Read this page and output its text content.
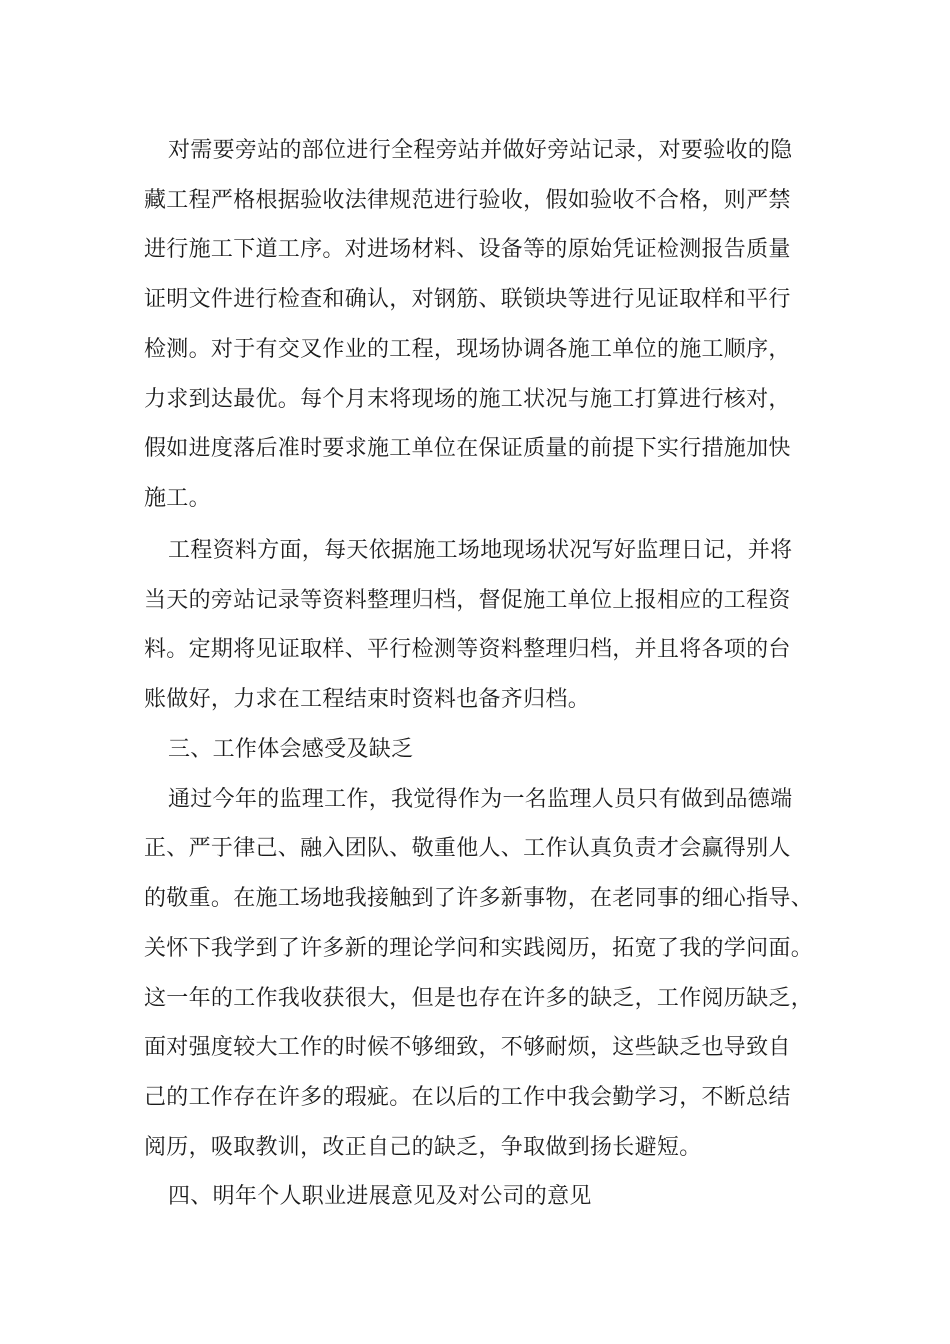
对需要旁站的部位进行全程旁站并做好旁站记录，对要验收的隐
藏工程严格根据验收法律规范进行验收，假如验收不合格，则严禁
进行施工下道工序。对进场材料、设备等的原始凭证检测报告质量
证明文件进行检查和确认，对钢筋、联锁块等进行见证取样和平行
检测。对于有交叉作业的工程，现场协调各施工单位的施工顺序，
力求到达最优。每个月末将现场的施工状况与施工打算进行核对，
假如进度落后准时要求施工单位在保证质量的前提下实行措施加快
施工。
工程资料方面，每天依据施工场地现场状况写好监理日记，并将
当天的旁站记录等资料整理归档，督促施工单位上报相应的工程资
料。定期将见证取样、平行检测等资料整理归档，并且将各项的台
账做好，力求在工程结束时资料也备齐归档。
三、工作体会感受及缺乏
通过今年的监理工作，我觉得作为一名监理人员只有做到品德端
正、严于律己、融入团队、敬重他人、工作认真负责才会赢得别人
的敬重。在施工场地我接触到了许多新事物，在老同事的细心指导、
关怀下我学到了许多新的理论学问和实践阅历，拓宽了我的学问面。
这一年的工作我收获很大，但是也存在许多的缺乏，工作阅历缺乏，
面对强度较大工作的时候不够细致，不够耐烦，这些缺乏也导致自
己的工作存在许多的瑕疵。在以后的工作中我会勤学习，不断总结
阅历，吸取教训，改正自己的缺乏，争取做到扬长避短。
四、明年个人职业进展意见及对公司的意见
